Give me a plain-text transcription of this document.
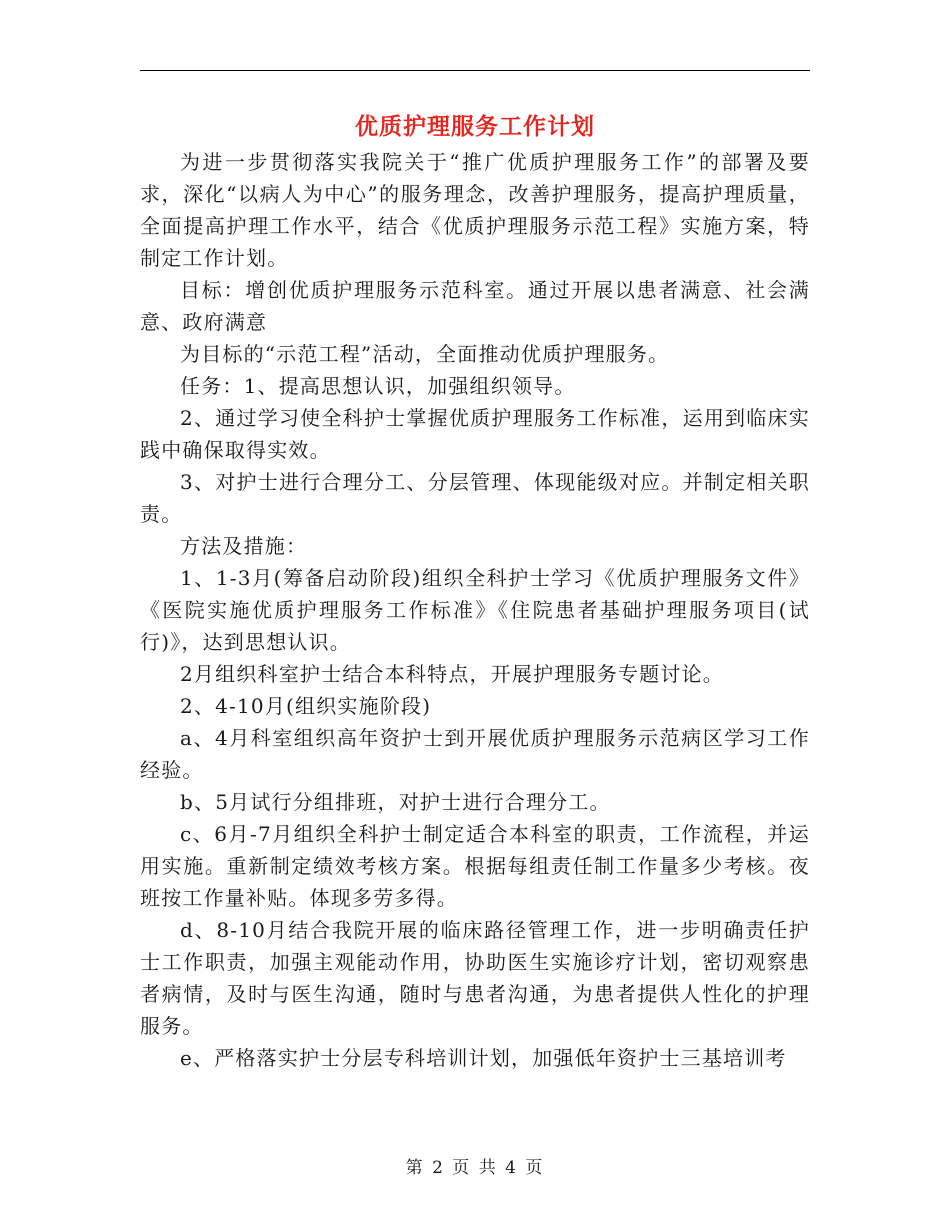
优质护理服务工作计划

为进一步贯彻落实我院关于“推广优质护理服务工作”的部署及要求，深化“以病人为中心”的服务理念，改善护理服务，提高护理质量，全面提高护理工作水平，结合《优质护理服务示范工程》实施方案，特制定工作计划。

目标：增创优质护理服务示范科室。通过开展以患者满意、社会满意、政府满意

为目标的“示范工程”活动，全面推动优质护理服务。

任务：1、提高思想认识，加强组织领导。

2、通过学习使全科护士掌握优质护理服务工作标准，运用到临床实践中确保取得实效。

3、对护士进行合理分工、分层管理、体现能级对应。并制定相关职责。

方法及措施：

1、1-3月(筹备启动阶段)组织全科护士学习《优质护理服务文件》《医院实施优质护理服务工作标准》《住院患者基础护理服务项目(试行)》，达到思想认识。

2月组织科室护士结合本科特点，开展护理服务专题讨论。

2、4-10月(组织实施阶段)

a、4月科室组织高年资护士到开展优质护理服务示范病区学习工作经验。

b、5月试行分组排班，对护士进行合理分工。

c、6月-7月组织全科护士制定适合本科室的职责，工作流程，并运用实施。重新制定绩效考核方案。根据每组责任制工作量多少考核。夜班按工作量补贴。体现多劳多得。

d、8-10月结合我院开展的临床路径管理工作，进一步明确责任护士工作职责，加强主观能动作用，协助医生实施诊疗计划，密切观察患者病情，及时与医生沟通，随时与患者沟通，为患者提供人性化的护理服务。

e、严格落实护士分层专科培训计划，加强低年资护士三基培训考

第 2 页 共 4 页
